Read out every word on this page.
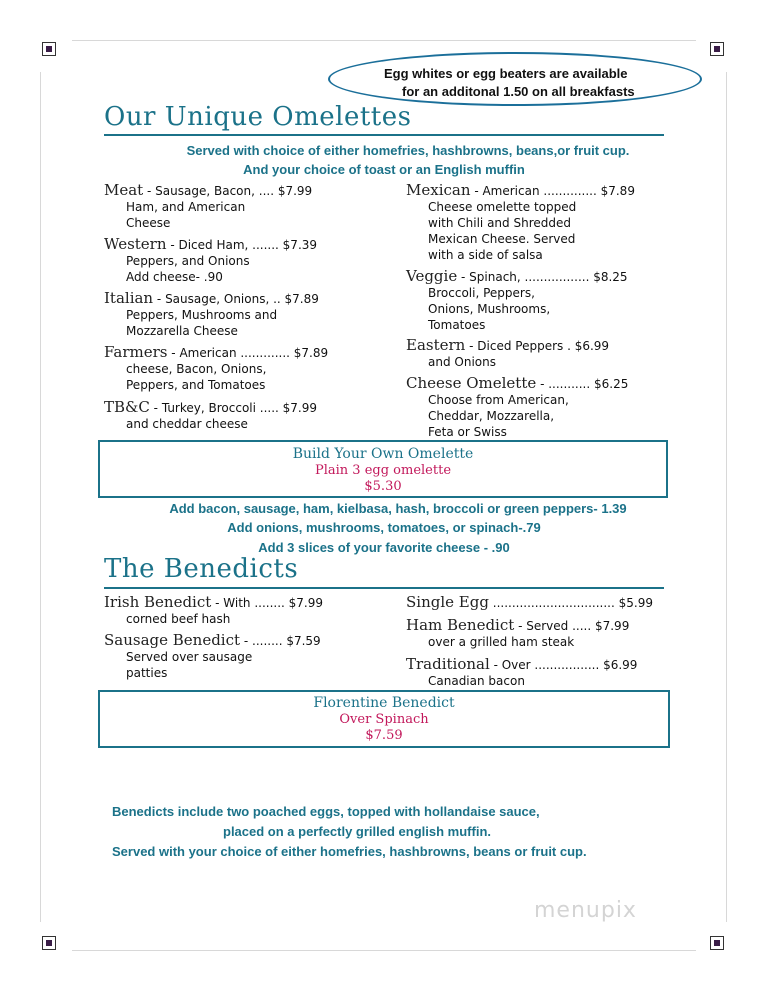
Egg whites or egg beaters are available
for an additonal 1.50 on all breakfasts
Our Unique Omelettes
Served with choice of either homefries, hashbrowns, beans,or fruit cup.
And your choice of toast or an English muffin
Meat - Sausage, Bacon, .... $7.99
Ham, and American
Cheese
Western - Diced Ham, ....... $7.39
Peppers, and Onions
Add cheese- .90
Italian - Sausage, Onions, .. $7.89
Peppers, Mushrooms and
Mozzarella Cheese
Farmers - American ............. $7.89
cheese, Bacon, Onions,
Peppers, and Tomatoes
TB&C - Turkey, Broccoli ..... $7.99
and cheddar cheese
Mexican - American .............. $7.89
Cheese omelette topped
with Chili and Shredded
Mexican Cheese. Served
with a side of salsa
Veggie - Spinach, ................. $8.25
Broccoli, Peppers,
Onions, Mushrooms,
Tomatoes
Eastern - Diced Peppers . $6.99
and Onions
Cheese Omelette - ........... $6.25
Choose from American,
Cheddar, Mozzarella,
Feta or Swiss
Build Your Own Omelette
Plain 3 egg omelette
$5.30
Add bacon, sausage, ham, kielbasa, hash, broccoli or green peppers- 1.39
Add onions, mushrooms, tomatoes, or spinach-.79
Add 3 slices of your favorite cheese - .90
The Benedicts
Irish Benedict - With ........ $7.99
corned beef hash
Sausage Benedict - ........ $7.59
Served over sausage
patties
Single Egg ................................ $5.99
Ham Benedict - Served ..... $7.99
over a grilled ham steak
Traditional - Over ................. $6.99
Canadian bacon
Florentine Benedict
Over Spinach
$7.59
Benedicts include two poached eggs, topped with hollandaise sauce,
placed on a perfectly grilled english muffin.
Served with your choice of either homefries, hashbrowns, beans or fruit cup.
menupix
